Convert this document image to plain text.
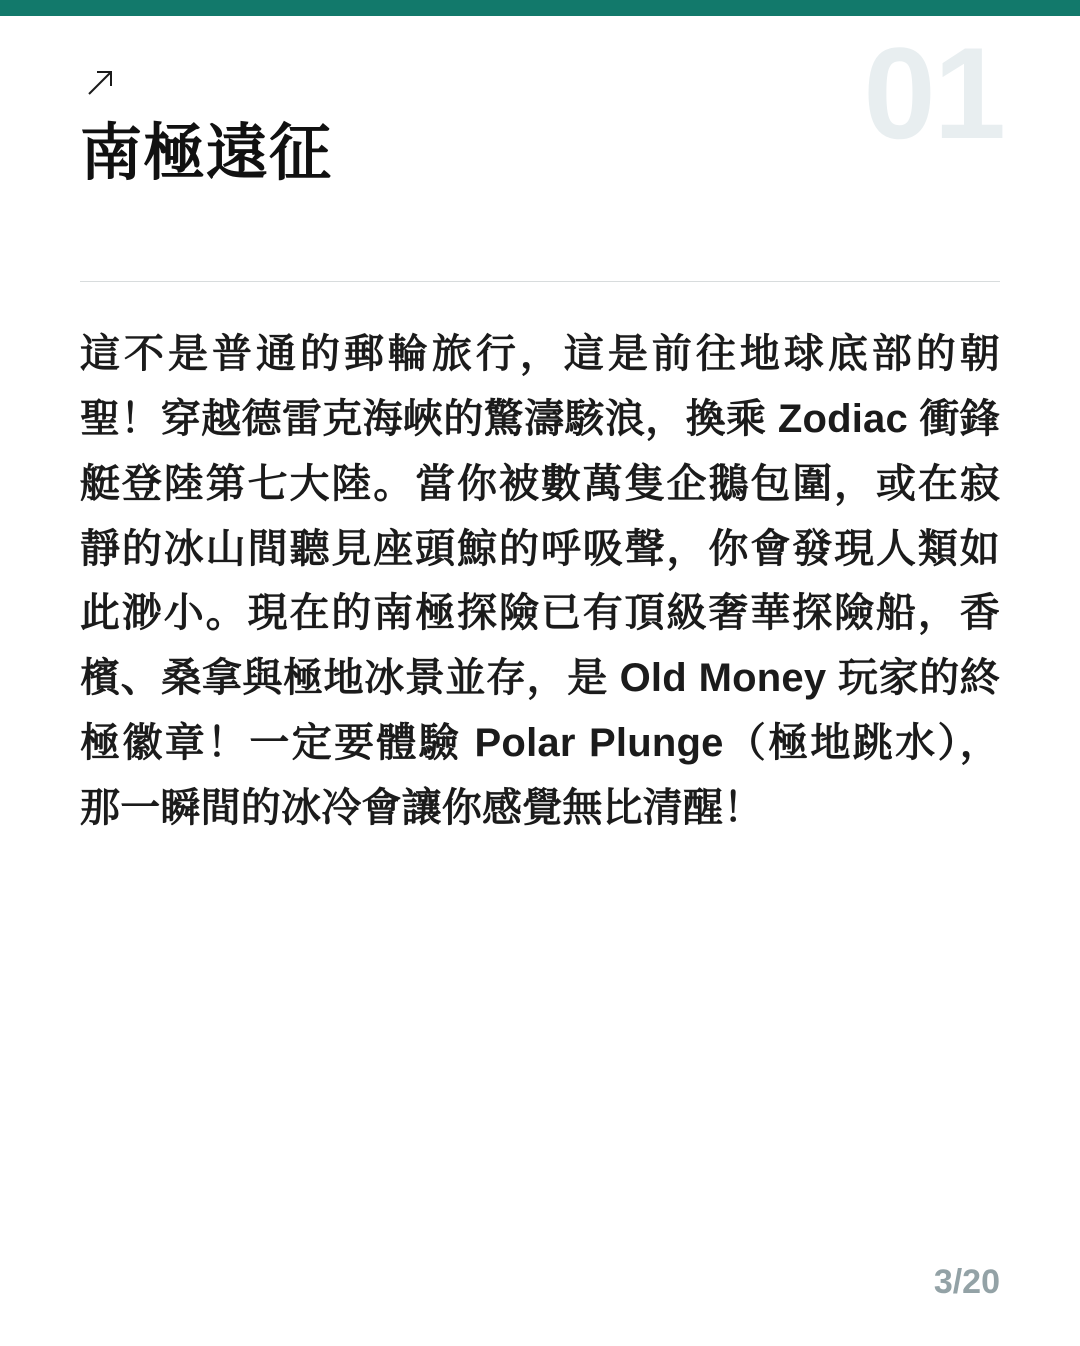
01
南極遠征

這不是普通的郵輪旅行，這是前往地球底部的朝聖！穿越德雷克海峽的驚濤駭浪，換乘 Zodiac 衝鋒艇登陸第七大陸。當你被數萬隻企鵝包圍，或在寂靜的冰山間聽見座頭鯨的呼吸聲，你會發現人類如此渺小。現在的南極探險已有頂級奢華探險船，香檳、桑拿與極地冰景並存，是 Old Money 玩家的終極徽章！一定要體驗 Polar Plunge（極地跳水），那一瞬間的冰冷會讓你感覺無比清醒！

3/20
